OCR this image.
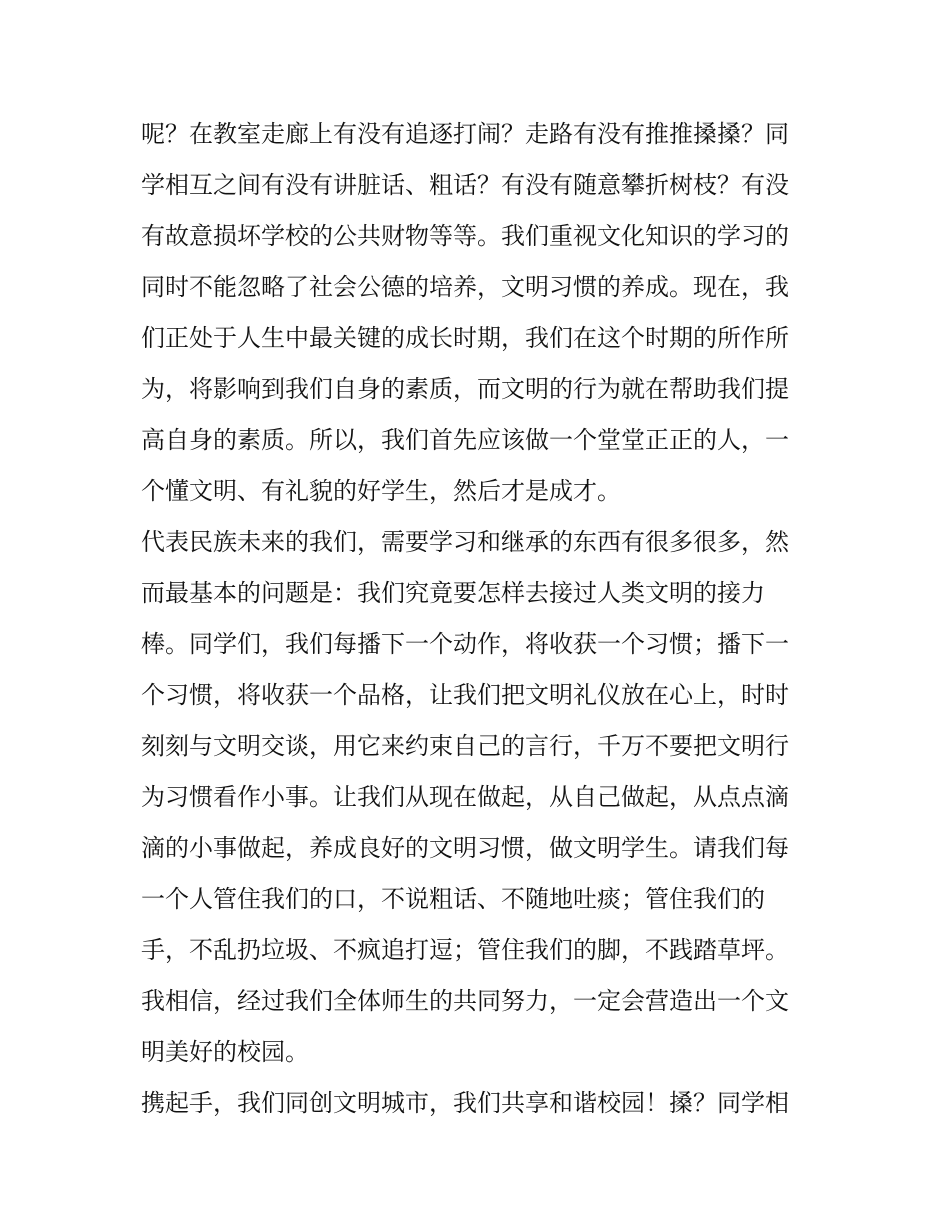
呢？在教室走廊上有没有追逐打闹？走路有没有推推搡搡？同
学相互之间有没有讲脏话、粗话？有没有随意攀折树枝？有没
有故意损坏学校的公共财物等等。我们重视文化知识的学习的
同时不能忽略了社会公德的培养，文明习惯的养成。现在，我
们正处于人生中最关键的成长时期，我们在这个时期的所作所
为，将影响到我们自身的素质，而文明的行为就在帮助我们提
高自身的素质。所以，我们首先应该做一个堂堂正正的人，一
个懂文明、有礼貌的好学生，然后才是成才。
代表民族未来的我们，需要学习和继承的东西有很多很多，然
而最基本的问题是：我们究竟要怎样去接过人类文明的接力
棒。同学们，我们每播下一个动作，将收获一个习惯；播下一
个习惯，将收获一个品格，让我们把文明礼仪放在心上，时时
刻刻与文明交谈，用它来约束自己的言行，千万不要把文明行
为习惯看作小事。让我们从现在做起，从自己做起，从点点滴
滴的小事做起，养成良好的文明习惯，做文明学生。请我们每
一个人管住我们的口，不说粗话、不随地吐痰；管住我们的
手，不乱扔垃圾、不疯追打逗；管住我们的脚，不践踏草坪。
我相信，经过我们全体师生的共同努力，一定会营造出一个文
明美好的校园。
携起手，我们同创文明城市，我们共享和谐校园！搡？同学相
